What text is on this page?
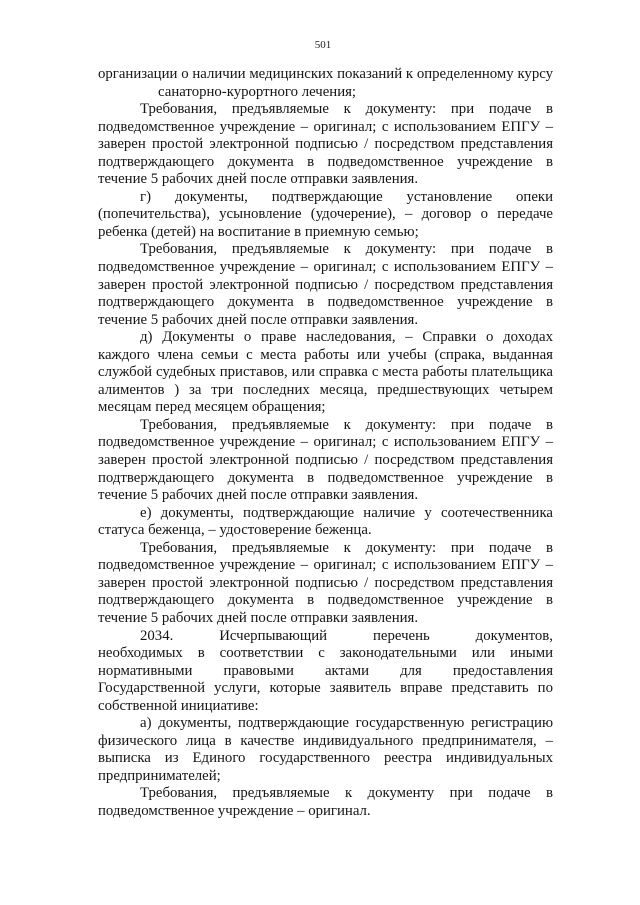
501
организации о наличии медицинских показаний к определенному курсу
санаторно-курортного лечения;
Требования, предъявляемые к документу: при подаче в
подведомственное учреждение – оригинал; с использованием ЕПГУ –
заверен простой электронной подписью / посредством представления
подтверждающего документа в подведомственное учреждение в
течение 5 рабочих дней после отправки заявления.
г) документы, подтверждающие установление опеки
(попечительства), усыновление (удочерение), – договор о передаче
ребенка (детей) на воспитание в приемную семью;
Требования, предъявляемые к документу: при подаче в
подведомственное учреждение – оригинал; с использованием ЕПГУ –
заверен простой электронной подписью / посредством представления
подтверждающего документа в подведомственное учреждение в
течение 5 рабочих дней после отправки заявления.
д) Документы о праве наследования, – Справки о доходах
каждого члена семьи с места работы или учебы (спрака, выданная
службой судебных приставов, или справка с места работы плательщика
алиментов ) за три последних месяца, предшествующих четырем
месяцам перед месяцем обращения;
Требования, предъявляемые к документу: при подаче в
подведомственное учреждение – оригинал; с использованием ЕПГУ –
заверен простой электронной подписью / посредством представления
подтверждающего документа в подведомственное учреждение в
течение 5 рабочих дней после отправки заявления.
е) документы, подтверждающие наличие у соотечественника
статуса беженца, – удостоверение беженца.
Требования, предъявляемые к документу: при подаче в
подведомственное учреждение – оригинал; с использованием ЕПГУ –
заверен простой электронной подписью / посредством представления
подтверждающего документа в подведомственное учреждение в
течение 5 рабочих дней после отправки заявления.
2034. Исчерпывающий перечень документов,
необходимых в соответствии с законодательными или иными
нормативными правовыми актами для предоставления
Государственной услуги, которые заявитель вправе представить по
собственной инициативе:
а) документы, подтверждающие государственную регистрацию
физического лица в качестве индивидуального предпринимателя, –
выписка из Единого государственного реестра индивидуальных
предпринимателей;
Требования, предъявляемые к документу при подаче в
подведомственное учреждение – оригинал.
